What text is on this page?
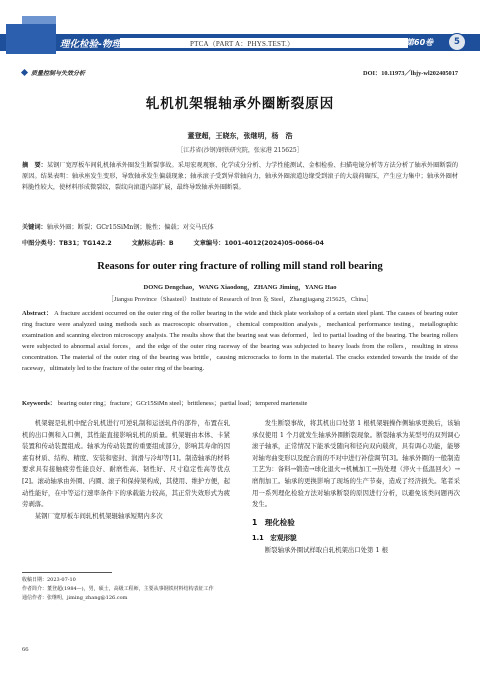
理化检验-物理分册	PTCA（PART A：PHYS.TEST.）	2024年 第60卷	5
质量控制与失效分析	DOI：10.11973／lhjy-wl202405017
轧机机架辊轴承外圈断裂原因
董登超，王晓东，张继明，杨　浩
［江苏省(沙钢)钢铁研究院，张家港 215625］
摘　要：某钢厂宽厚板车间轧机轴承外圈发生断裂事故。采用宏观观察、化学成分分析、力学性能测试、金相检验、扫描电镜分析等方法分析了轴承外圈断裂的原因。结果表明：轴承座发生变形，导致轴承发生偏载现象；轴承滚子受到异常轴向力，轴承外圈滚道边缘受到滚子的大载荷碾压，产生应力集中；轴承外圈材料脆性较大，使材料形成微裂纹，裂纹向滚道内部扩展，最终导致轴承外圈断裂。
关键词：轴承外圈；断裂；GCr15SiMn钢；脆性；偏载；对交马氏体
中图分类号：TB31；TG142.2	文献标志码：B	文章编号：1001-4012(2024)05-0066-04
Reasons for outer ring fracture of rolling mill stand roll bearing
DONG Dengchao，WANG Xiaodong，ZHANG Jiming，YANG Hao
［Jiangsu Province（Shasteel）Institute of Research of Iron ＆ Steel，Zhangjiagang 215625，China］
Abstract： A fracture accident occurred on the outer ring of the roller bearing in the wide and thick plate workshop of a certain steel plant. The causes of bearing outer ring fracture were analyzed using methods such as macroscopic observation，chemical composition analysis，mechanical performance testing，metallographic examination and scanning electron microscopy analysis. The results show that the bearing seat was deformed，led to partial loading of the bearing. The bearing rollers were subjected to abnormal axial forces，and the edge of the outer ring raceway of the bearing was subjected to heavy loads from the rollers，resulting in stress concentration. The material of the outer ring of the bearing was brittle，causing microcracks to form in the material. The cracks extended towards the inside of the raceway，ultimately led to the fracture of the outer ring of the bearing.
Keywords： bearing outer ring；fracture；GCr15SiMn steel；brittleness；partial load；tempered martensite

机架辊是轧机中配合轧机进行可逆轧制和运送轧件的部件，布置在轧机的出口侧和入口侧，其性能直接影响轧机的质量。机架辊由本体、卡紧装置和传动装置组成。轴承为传动装置的重要组成部分，影响其寿命的因素有材质、结构、精度、安装和密封、润滑与冷却等[1]。制造轴承的材料要求具有接触疲劳性能良好、耐磨性高、韧性好、尺寸稳定性高等优点[2]。滚动轴承由外圈、内圈、滚子和保持架构成，其使用、维护方便，起动性能好，在中等运行速率条件下的承载能力较高，其正常失效形式为疲劳剥落。

某钢厂宽厚板车间轧机机架辊轴承短期内多次

发生断裂事故，将其机出口处第 1 根机架辊操作侧轴承更换后，该轴承仅使用 1 个月就发生轴承外圈断裂现象。断裂轴承为某型号的双列调心滚子轴承，正常情况下能承受随向和径向双向载荷，具有调心功能，能够对轴弯曲变形以及配合面的不对中进行补偿调节[3]。轴承外圈的一般制造工艺为：备料→锻造→球化退火→机械加工→热处理（淬火＋低温回火）→磨削加工。轴承的更换影响了现场的生产节奏，造成了经济损失。笔者采用一系列理化检验方法对轴承断裂的原因进行分析，以避免该类问题再次发生。

1　理化检验
1.1　宏观形貌

断裂轴承外圈试样取自轧机架出口处第 1 根

收稿日期：2023-07-10
作者简介：董登超(1984—)，男，硕士，高级工程师，主要从事钢铁材料结构表征工作
通信作者：张继明，jiming_zhang@126.com
66
